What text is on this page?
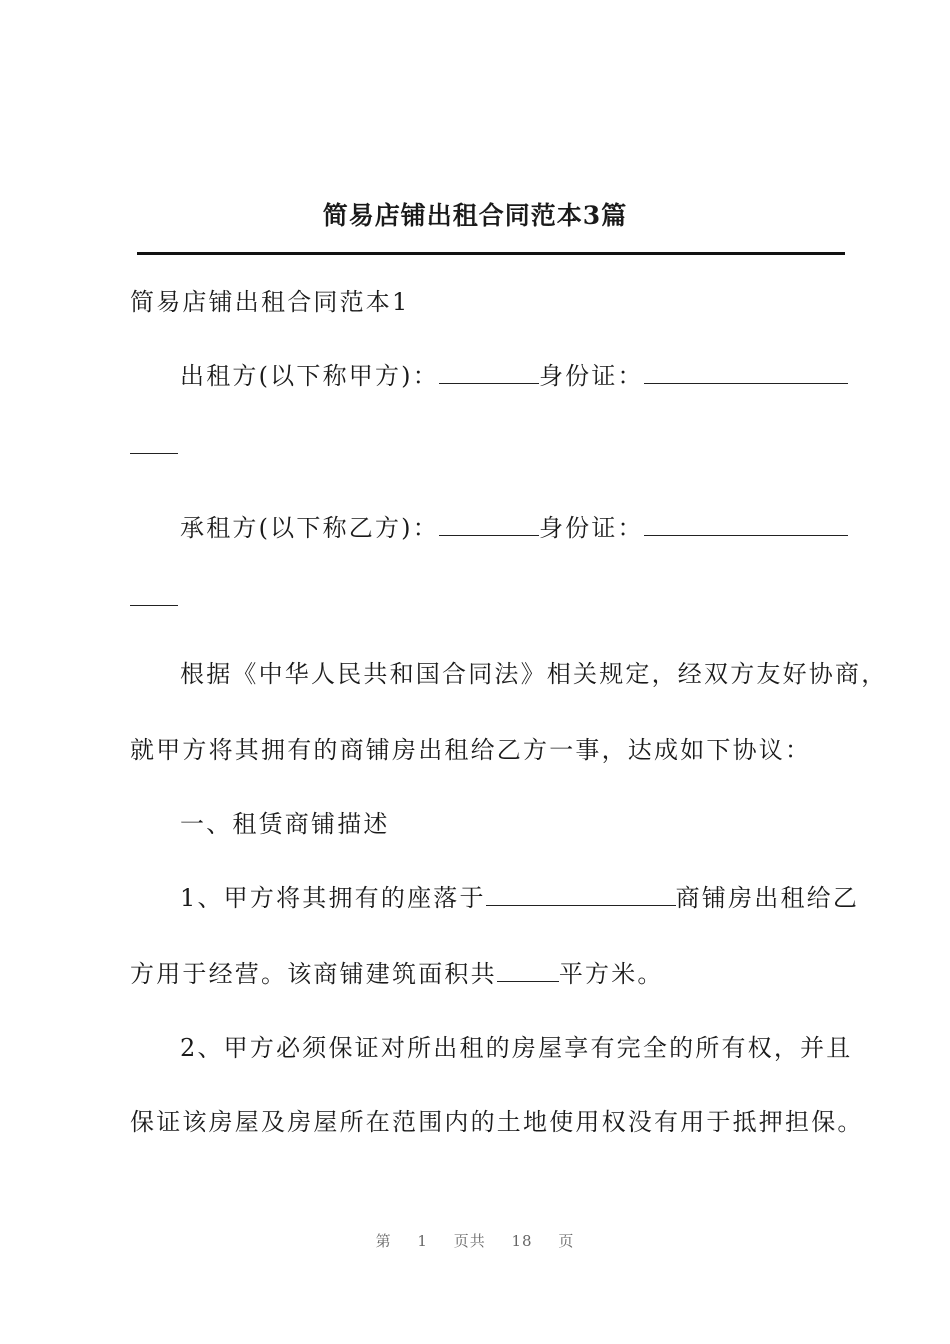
简易店铺出租合同范本3篇
简易店铺出租合同范本1
出租方(以下称甲方)：	身份证：
承租方(以下称乙方)：	身份证：
根据《中华人民共和国合同法》相关规定，经双方友好协商，
就甲方将其拥有的商铺房出租给乙方一事，达成如下协议：
一、租赁商铺描述
1、甲方将其拥有的座落于	商铺房出租给乙
方用于经营。该商铺建筑面积共	平方米。
2、甲方必须保证对所出租的房屋享有完全的所有权，并且
保证该房屋及房屋所在范围内的土地使用权没有用于抵押担保。
第 1 页共 18 页
